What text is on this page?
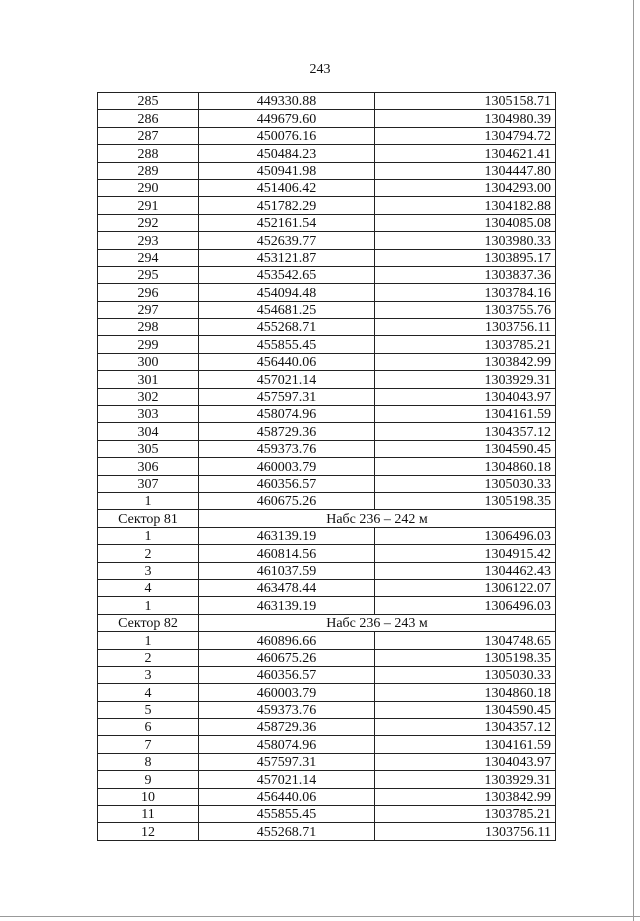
243
285	449330.88	1305158.71
286	449679.60	1304980.39
287	450076.16	1304794.72
288	450484.23	1304621.41
289	450941.98	1304447.80
290	451406.42	1304293.00
291	451782.29	1304182.88
292	452161.54	1304085.08
293	452639.77	1303980.33
294	453121.87	1303895.17
295	453542.65	1303837.36
296	454094.48	1303784.16
297	454681.25	1303755.76
298	455268.71	1303756.11
299	455855.45	1303785.21
300	456440.06	1303842.99
301	457021.14	1303929.31
302	457597.31	1304043.97
303	458074.96	1304161.59
304	458729.36	1304357.12
305	459373.76	1304590.45
306	460003.79	1304860.18
307	460356.57	1305030.33
1	460675.26	1305198.35
Сектор 81	Набс 236 – 242 м	
1	463139.19	1306496.03
2	460814.56	1304915.42
3	461037.59	1304462.43
4	463478.44	1306122.07
1	463139.19	1306496.03
Сектор 82	Набс 236 – 243 м	
1	460896.66	1304748.65
2	460675.26	1305198.35
3	460356.57	1305030.33
4	460003.79	1304860.18
5	459373.76	1304590.45
6	458729.36	1304357.12
7	458074.96	1304161.59
8	457597.31	1304043.97
9	457021.14	1303929.31
10	456440.06	1303842.99
11	455855.45	1303785.21
12	455268.71	1303756.11
